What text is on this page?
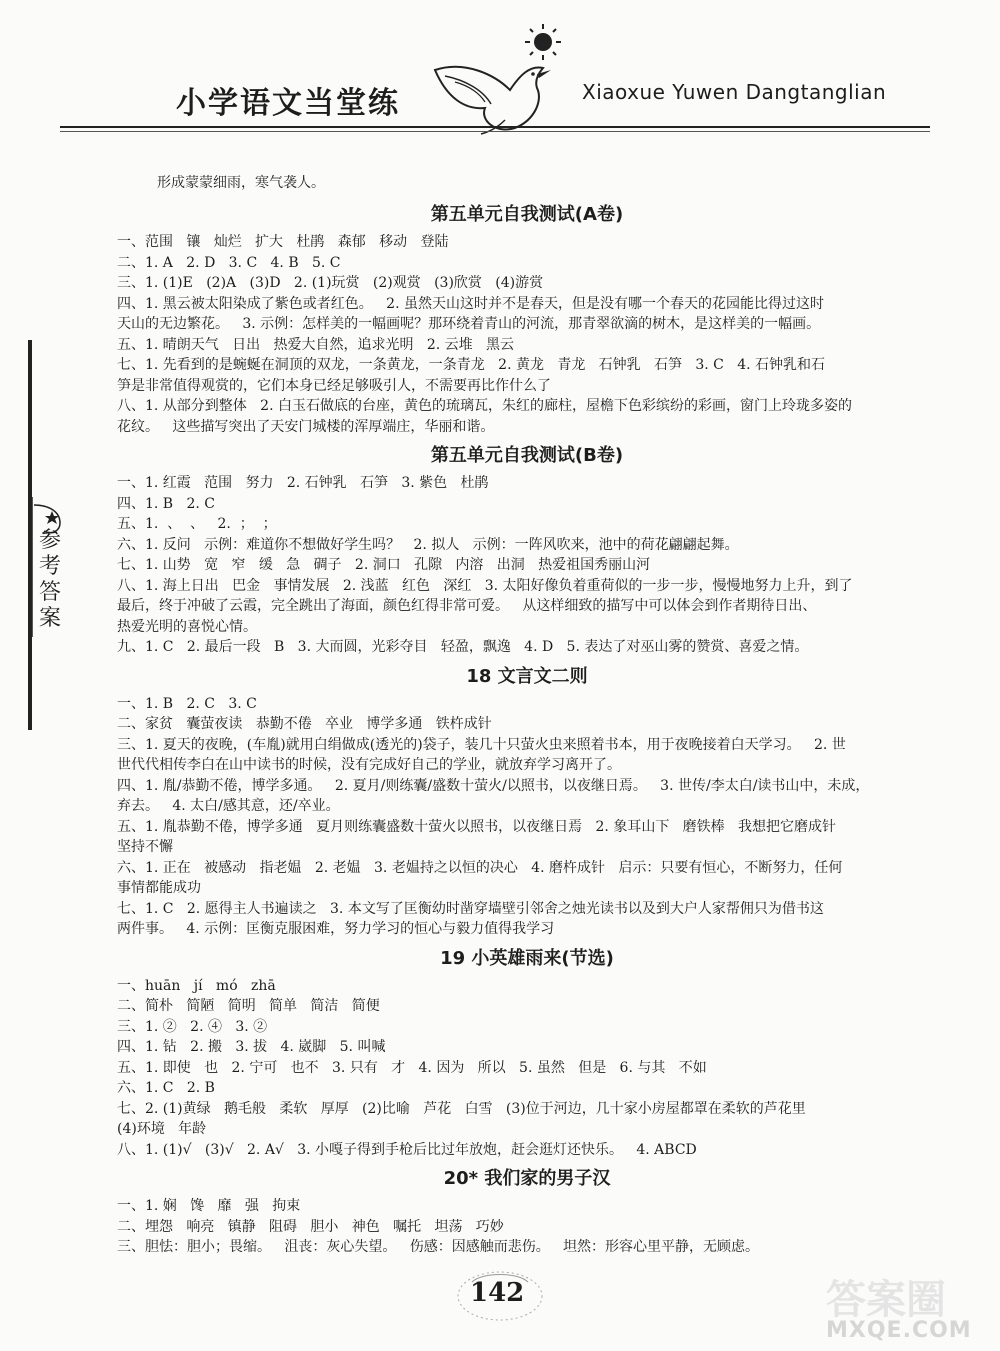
小学语文当堂练	Xiaoxue Yuwen Dangtanglian
参考答案
形成蒙蒙细雨，寒气袭人。
第五单元自我测试(A卷)
一、范围   镶   灿烂   扩大   杜鹃   森郁   移动   登陆
二、1. A   2. D   3. C   4. B   5. C
三、1. (1)E   (2)A   (3)D   2. (1)玩赏   (2)观赏   (3)欣赏   (4)游赏
四、1. 黑云被太阳染成了紫色或者红色。   2. 虽然天山这时并不是春天，但是没有哪一个春天的花园能比得过这时
天山的无边繁花。   3. 示例：怎样美的一幅画呢？那环绕着青山的河流，那青翠欲滴的树木，是这样美的一幅画。
五、1. 晴朗天气   日出   热爱大自然，追求光明   2. 云堆   黑云
七、1. 先看到的是蜿蜒在洞顶的双龙，一条黄龙，一条青龙   2. 黄龙   青龙   石钟乳   石笋   3. C   4. 石钟乳和石
笋是非常值得观赏的，它们本身已经足够吸引人，不需要再比作什么了
八、1. 从部分到整体   2. 白玉石做底的台座，黄色的琉璃瓦，朱红的廊柱，屋檐下色彩缤纷的彩画，窗门上玲珑多姿的
花纹。   这些描写突出了天安门城楼的浑厚端庄，华丽和谐。
第五单元自我测试(B卷)
一、1. 红霞   范围   努力   2. 石钟乳   石笋   3. 紫色   杜鹃
四、1. B   2. C
五、1.  、  、   2.  ；  ；
六、1. 反问   示例：难道你不想做好学生吗？   2. 拟人   示例：一阵风吹来，池中的荷花翩翩起舞。
七、1. 山势   宽   窄   缓   急   碉子   2. 洞口   孔隙   内溶   出洞   热爱祖国秀丽山河
八、1. 海上日出   巴金   事情发展   2. 浅蓝   红色   深红   3. 太阳好像负着重荷似的一步一步，慢慢地努力上升，到了
最后，终于冲破了云霞，完全跳出了海面，颜色红得非常可爱。   从这样细致的描写中可以体会到作者期待日出、
热爱光明的喜悦心情。
九、1. C   2. 最后一段   B   3. 大而圆，光彩夺目   轻盈，飘逸   4. D   5. 表达了对巫山雾的赞赏、喜爱之情。
18 文言文二则
一、1. B   2. C   3. C
二、家贫   囊萤夜读   恭勤不倦   卒业   博学多通   铁杵成针
三、1. 夏天的夜晚，(车胤)就用白绢做成(透光的)袋子，装几十只萤火虫来照着书本，用于夜晚接着白天学习。   2. 世
世代代相传李白在山中读书的时候，没有完成好自己的学业，就放弃学习离开了。
四、1. 胤/恭勤不倦，博学多通。   2. 夏月/则练囊/盛数十萤火/以照书，以夜继日焉。   3. 世传/李太白/读书山中，未成，
弃去。   4. 太白/感其意，还/卒业。
五、1. 胤恭勤不倦，博学多通   夏月则练囊盛数十萤火以照书，以夜继日焉   2. 象耳山下   磨铁棒   我想把它磨成针
坚持不懈
六、1. 正在   被感动   指老媪   2. 老媪   3. 老媪持之以恒的决心   4. 磨杵成针   启示：只要有恒心，不断努力，任何
事情都能成功
七、1. C   2. 愿得主人书遍读之   3. 本文写了匡衡幼时凿穿墙壁引邻舍之烛光读书以及到大户人家帮佣只为借书这
两件事。   4. 示例：匡衡克服困难，努力学习的恒心与毅力值得我学习
19 小英雄雨来(节选)
一、huān   jí   mó   zhā
二、简朴   简陋   简明   简单   简洁   简便
三、1. ②   2. ④   3. ②
四、1. 钻   2. 搬   3. 拔   4. 崴脚   5. 叫喊
五、1. 即使   也   2. 宁可   也不   3. 只有   才   4. 因为   所以   5. 虽然   但是   6. 与其   不如
六、1. C   2. B
七、2. (1)黄绿   鹅毛般   柔软   厚厚   (2)比喻   芦花   白雪   (3)位于河边，几十家小房屋都罩在柔软的芦花里
(4)环境   年龄
八、1. (1)√   (3)√   2. A√   3. 小嘎子得到手枪后比过年放炮，赶会逛灯还快乐。   4. ABCD
20* 我们家的男子汉
一、1. 娴   馋   靡   强   拘束
二、埋怨   响亮   镇静   阻碍   胆小   神色   嘱托   坦荡   巧妙
三、胆怯：胆小；畏缩。   沮丧：灰心失望。   伤感：因感触而悲伤。   坦然：形容心里平静，无顾虑。
142	答案圈
MXQE.COM
